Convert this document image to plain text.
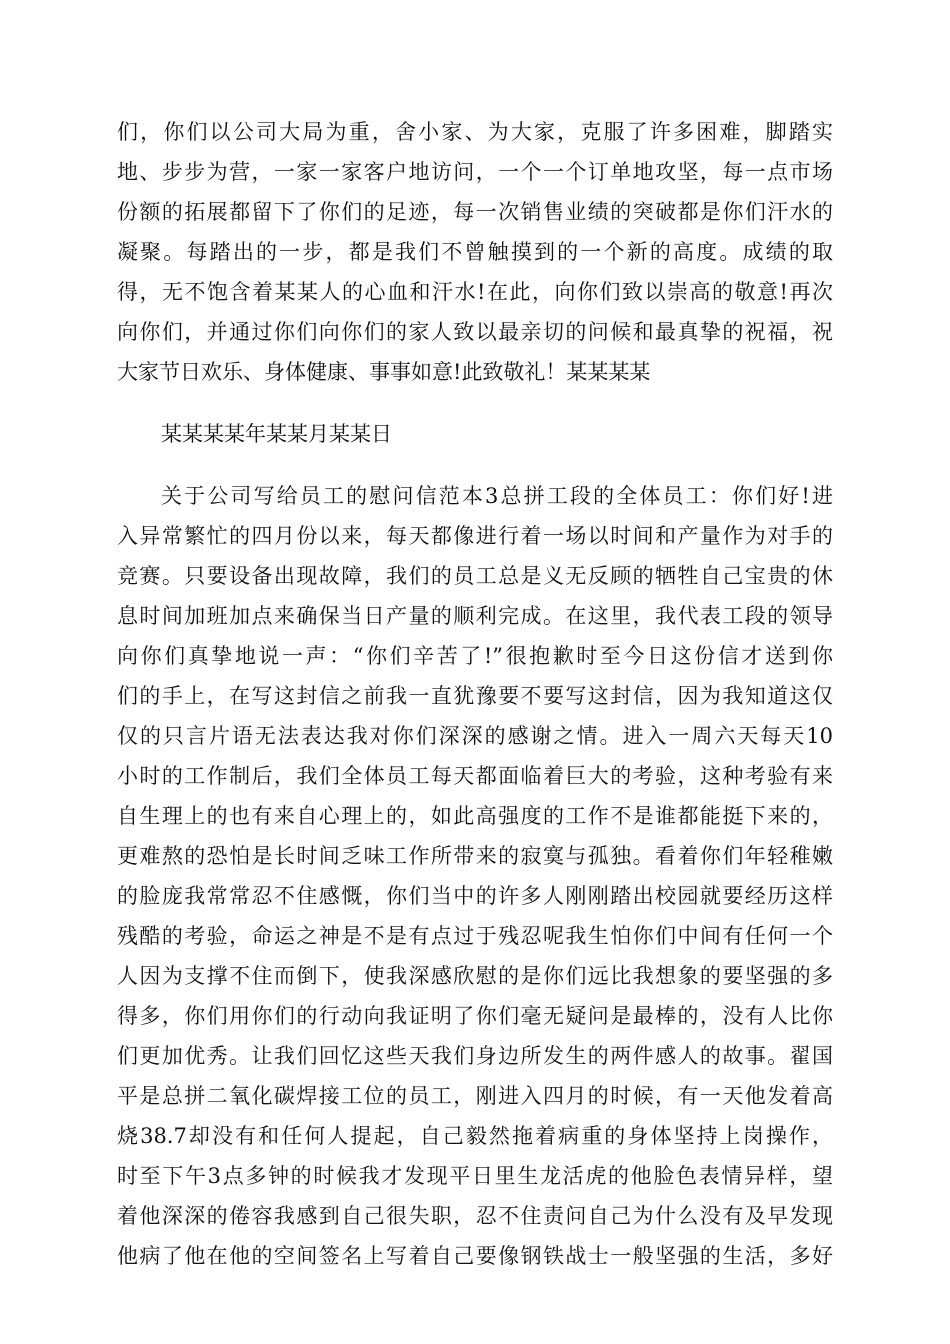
们，你们以公司大局为重，舍小家、为大家，克服了许多困难，脚踏实

地、步步为营，一家一家客户地访问，一个一个订单地攻坚，每一点市场

份额的拓展都留下了你们的足迹，每一次销售业绩的突破都是你们汗水的

凝聚。每踏出的一步，都是我们不曾触摸到的一个新的高度。成绩的取

得，无不饱含着某某人的心血和汗水!在此，向你们致以崇高的敬意!再次

向你们，并通过你们向你们的家人致以最亲切的问候和最真挚的祝福，祝

大家节日欢乐、身体健康、事事如意!此致敬礼！某某某某

某某某某年某某月某某日

关于公司写给员工的慰问信范本3总拼工段的全体员工：你们好!进

入异常繁忙的四月份以来，每天都像进行着一场以时间和产量作为对手的

竞赛。只要设备出现故障，我们的员工总是义无反顾的牺牲自己宝贵的休

息时间加班加点来确保当日产量的顺利完成。在这里，我代表工段的领导

向你们真挚地说一声：“你们辛苦了!”很抱歉时至今日这份信才送到你

们的手上，在写这封信之前我一直犹豫要不要写这封信，因为我知道这仅

仅的只言片语无法表达我对你们深深的感谢之情。进入一周六天每天10

小时的工作制后，我们全体员工每天都面临着巨大的考验，这种考验有来

自生理上的也有来自心理上的，如此高强度的工作不是谁都能挺下来的，

更难熬的恐怕是长时间乏味工作所带来的寂寞与孤独。看着你们年轻稚嫩

的脸庞我常常忍不住感慨，你们当中的许多人刚刚踏出校园就要经历这样

残酷的考验，命运之神是不是有点过于残忍呢我生怕你们中间有任何一个

人因为支撑不住而倒下，使我深感欣慰的是你们远比我想象的要坚强的多

得多，你们用你们的行动向我证明了你们毫无疑问是最棒的，没有人比你

们更加优秀。让我们回忆这些天我们身边所发生的两件感人的故事。翟国

平是总拼二氧化碳焊接工位的员工，刚进入四月的时候，有一天他发着高

烧38.7却没有和任何人提起，自己毅然拖着病重的身体坚持上岗操作，

时至下午3点多钟的时候我才发现平日里生龙活虎的他脸色表情异样，望

着他深深的倦容我感到自己很失职，忍不住责问自己为什么没有及早发现

他病了他在他的空间签名上写着自己要像钢铁战士一般坚强的生活，多好
